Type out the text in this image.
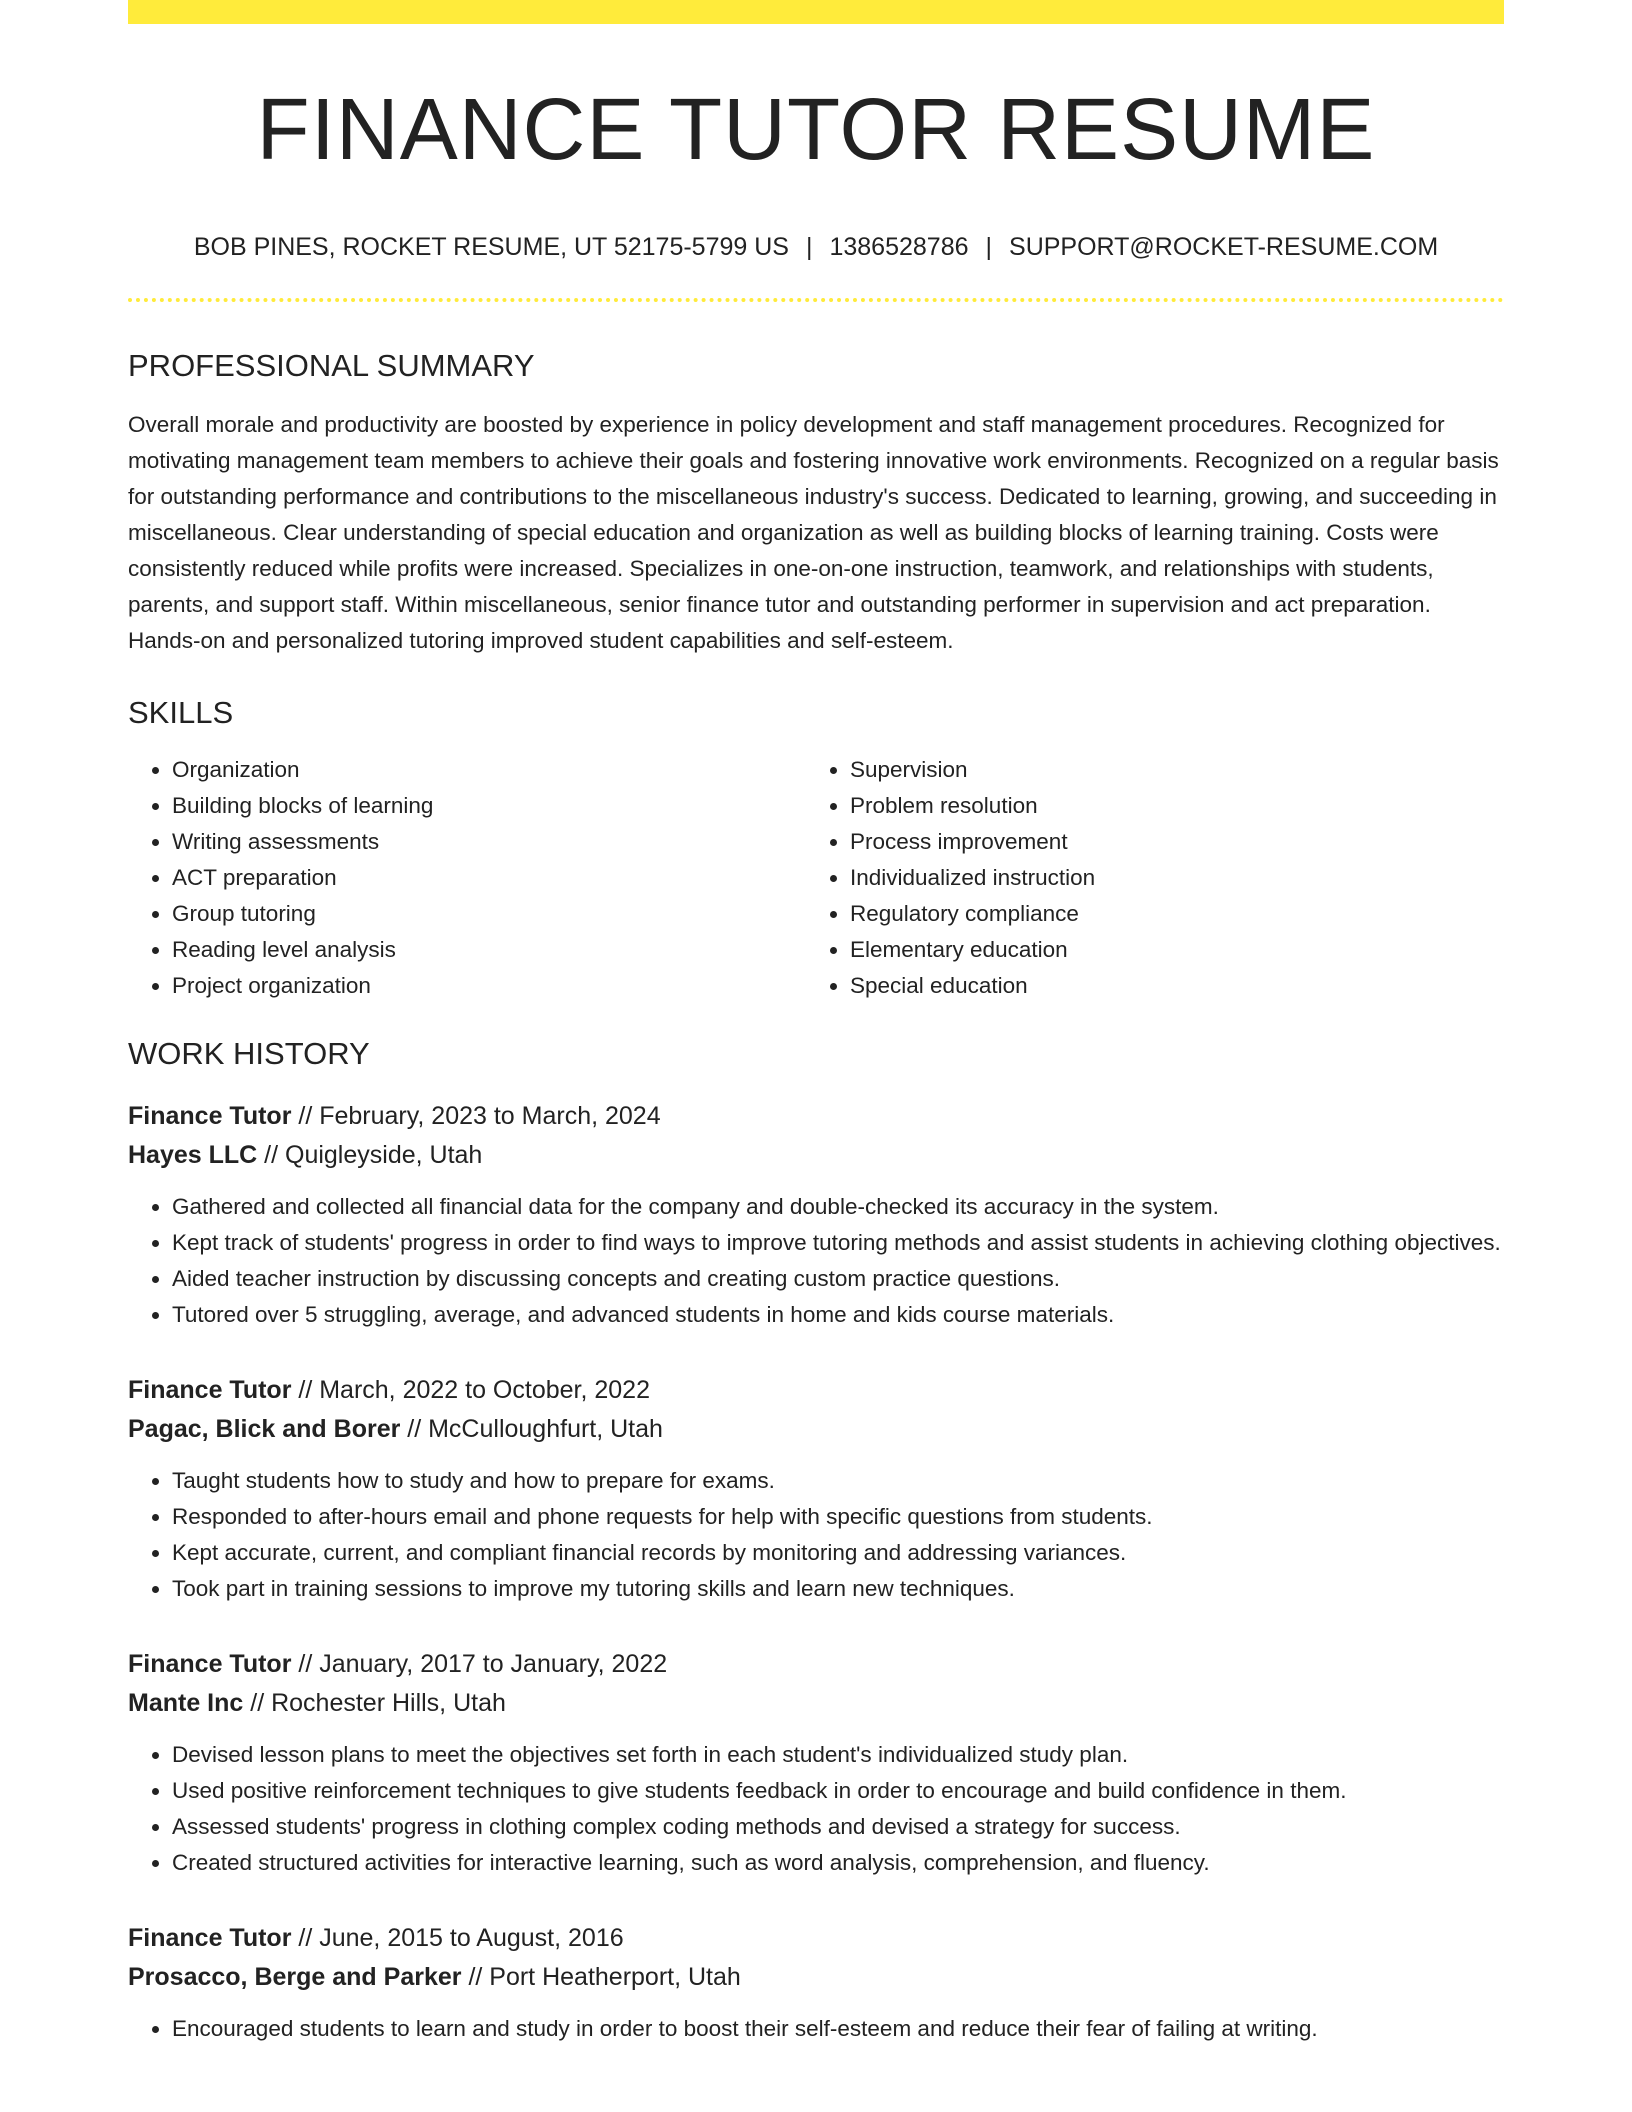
FINANCE TUTOR RESUME
BOB PINES, ROCKET RESUME, UT 52175-5799 US | 1386528786 | SUPPORT@ROCKET-RESUME.COM
PROFESSIONAL SUMMARY

Overall morale and productivity are boosted by experience in policy development and staff management procedures. Recognized for motivating management team members to achieve their goals and fostering innovative work environments. Recognized on a regular basis for outstanding performance and contributions to the miscellaneous industry's success. Dedicated to learning, growing, and succeeding in miscellaneous. Clear understanding of special education and organization as well as building blocks of learning training. Costs were consistently reduced while profits were increased. Specializes in one-on-one instruction, teamwork, and relationships with students, parents, and support staff. Within miscellaneous, senior finance tutor and outstanding performer in supervision and act preparation. Hands-on and personalized tutoring improved student capabilities and self-esteem.

SKILLS
• Organization
• Building blocks of learning
• Writing assessments
• ACT preparation
• Group tutoring
• Reading level analysis
• Project organization
• Supervision
• Problem resolution
• Process improvement
• Individualized instruction
• Regulatory compliance
• Elementary education
• Special education
WORK HISTORY
Finance Tutor // February, 2023 to March, 2024
Hayes LLC // Quigleyside, Utah
• Gathered and collected all financial data for the company and double-checked its accuracy in the system.
• Kept track of students' progress in order to find ways to improve tutoring methods and assist students in achieving clothing objectives.
• Aided teacher instruction by discussing concepts and creating custom practice questions.
• Tutored over 5 struggling, average, and advanced students in home and kids course materials.
Finance Tutor // March, 2022 to October, 2022
Pagac, Blick and Borer // McCulloughfurt, Utah
• Taught students how to study and how to prepare for exams.
• Responded to after-hours email and phone requests for help with specific questions from students.
• Kept accurate, current, and compliant financial records by monitoring and addressing variances.
• Took part in training sessions to improve my tutoring skills and learn new techniques.
Finance Tutor // January, 2017 to January, 2022
Mante Inc // Rochester Hills, Utah
• Devised lesson plans to meet the objectives set forth in each student's individualized study plan.
• Used positive reinforcement techniques to give students feedback in order to encourage and build confidence in them.
• Assessed students' progress in clothing complex coding methods and devised a strategy for success.
• Created structured activities for interactive learning, such as word analysis, comprehension, and fluency.
Finance Tutor // June, 2015 to August, 2016
Prosacco, Berge and Parker // Port Heatherport, Utah
• Encouraged students to learn and study in order to boost their self-esteem and reduce their fear of failing at writing.
